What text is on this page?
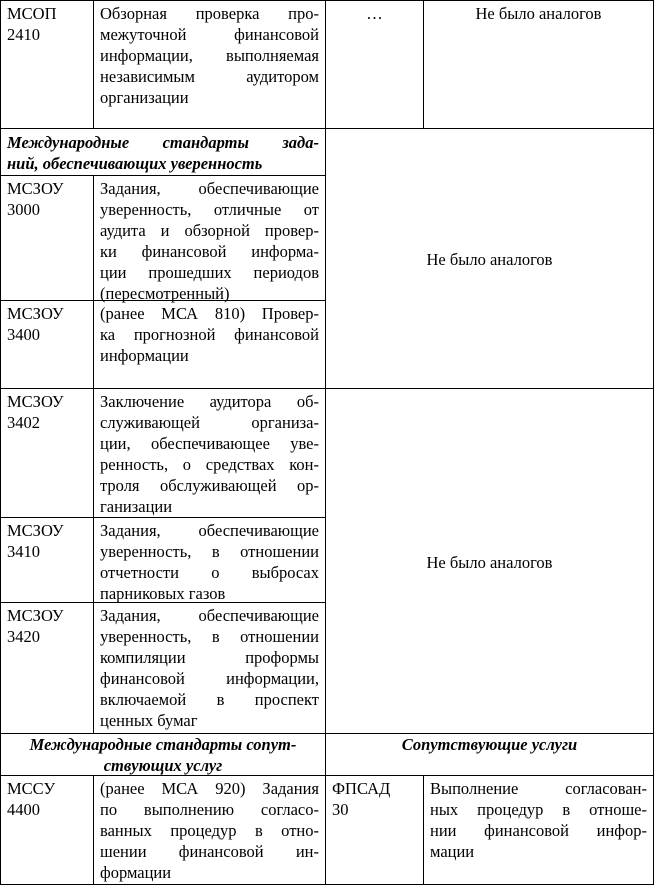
МСОП
2410
Обзорная проверка про-
межуточной финансовой
информации, выполняемая
независимым аудитором
организации
…	Не было аналогов
Международные стандарты зада-
ний, обеспечивающих уверенность
Не было аналогов
МСЗОУ
3000
Задания, обеспечивающие
уверенность, отличные от
аудита и обзорной провер-
ки финансовой информа-
ции прошедших периодов
(пересмотренный)
МСЗОУ
3400
(ранее МСА 810) Провер-
ка прогнозной финансовой
информации
МСЗОУ
3402
Заключение аудитора об-
служивающей организа-
ции, обеспечивающее уве-
ренность, о средствах кон-
троля обслуживающей ор-
ганизации
Не было аналогов
МСЗОУ
3410
Задания, обеспечивающие
уверенность, в отношении
отчетности о выбросах
парниковых газов
МСЗОУ
3420
Задания, обеспечивающие
уверенность, в отношении
компиляции проформы
финансовой информации,
включаемой в проспект
ценных бумаг
Международные стандарты сопут-
ствующих услуг
Сопутствующие услуги
МССУ
4400
(ранее МСА 920) Задания
по выполнению согласо-
ванных процедур в отно-
шении финансовой ин-
формации
ФПСАД
30
Выполнение согласован-
ных процедур в отноше-
нии финансовой инфор-
мации
